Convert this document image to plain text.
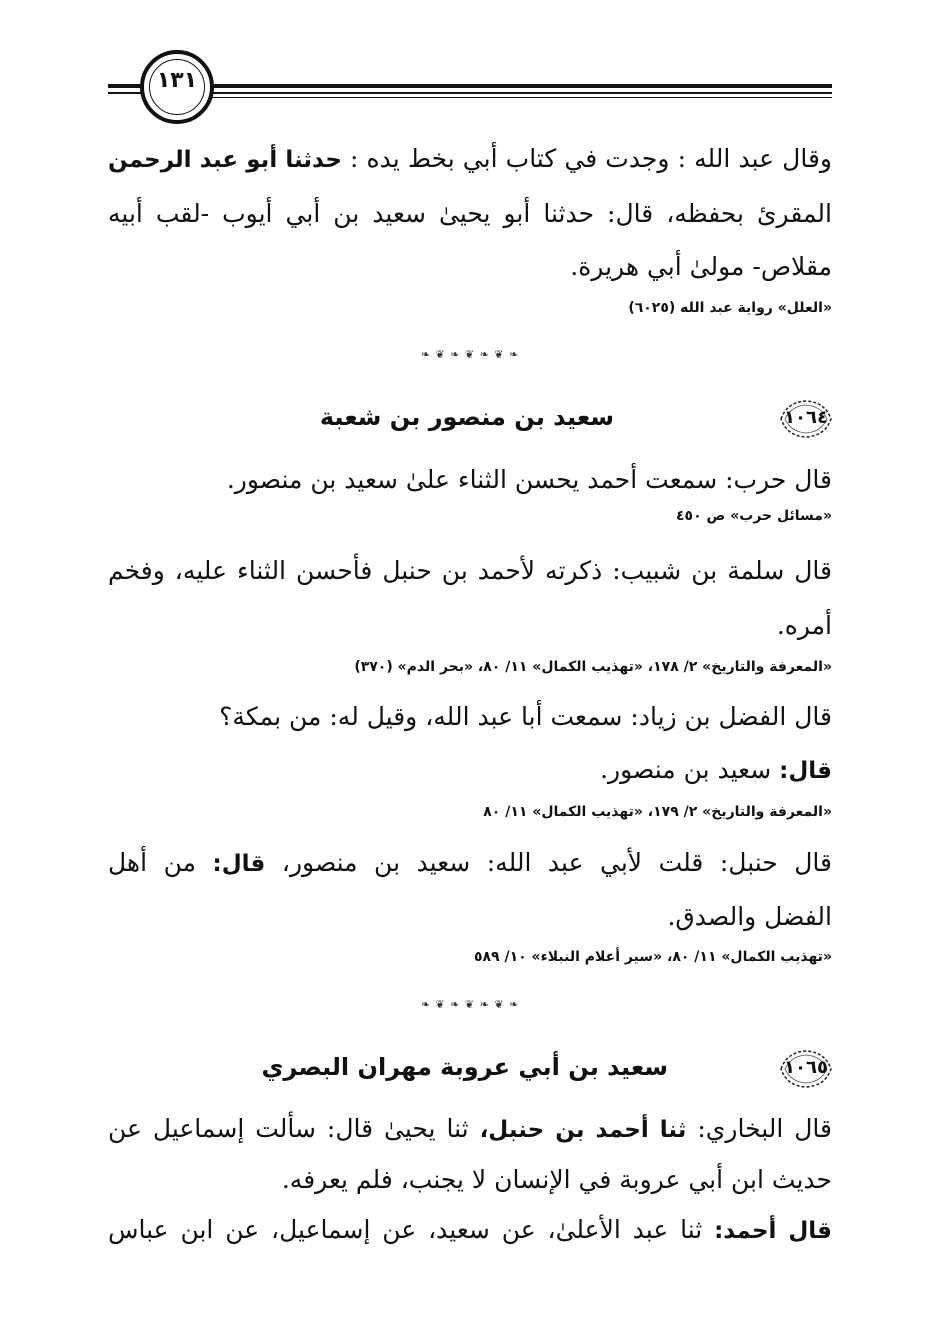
١٣١
وقال عبد الله : وجدت في كتاب أبي بخط يده : حدثنا أبو عبد الرحمن
المقرئ بحفظه، قال: حدثنا أبو يحيىٰ سعيد بن أبي أيوب -لقب أبيه
مقلاص- مولىٰ أبي هريرة.
«العلل» رواية عبد الله (٦٠٢٥)
❧ ❦ ❧ ❦ ❧ ❦ ❧
١٠٦٤
سعيد بن منصور بن شعبة
قال حرب: سمعت أحمد يحسن الثناء علىٰ سعيد بن منصور.
«مسائل حرب» ص ٤٥٠
قال سلمة بن شبيب: ذكرته لأحمد بن حنبل فأحسن الثناء عليه، وفخم
أمره.
«المعرفة والتاريخ» ٢/ ١٧٨، «تهذيب الكمال» ١١/ ٨٠، «بحر الدم» (٣٧٠)
قال الفضل بن زياد: سمعت أبا عبد الله، وقيل له: من بمكة؟
قال: سعيد بن منصور.
«المعرفة والتاريخ» ٢/ ١٧٩، «تهذيب الكمال» ١١/ ٨٠
قال حنبل: قلت لأبي عبد الله: سعيد بن منصور، قال: من أهل
الفضل والصدق.
«تهذيب الكمال» ١١/ ٨٠، «سير أعلام النبلاء» ١٠/ ٥٨٩
❧ ❦ ❧ ❦ ❧ ❦ ❧
١٠٦٥
سعيد بن أبي عروبة مهران البصري
قال البخاري: ثنا أحمد بن حنبل، ثنا يحيىٰ قال: سألت إسماعيل عن
حديث ابن أبي عروبة في الإنسان لا يجنب، فلم يعرفه.
قال أحمد: ثنا عبد الأعلىٰ، عن سعيد، عن إسماعيل، عن ابن عباس
